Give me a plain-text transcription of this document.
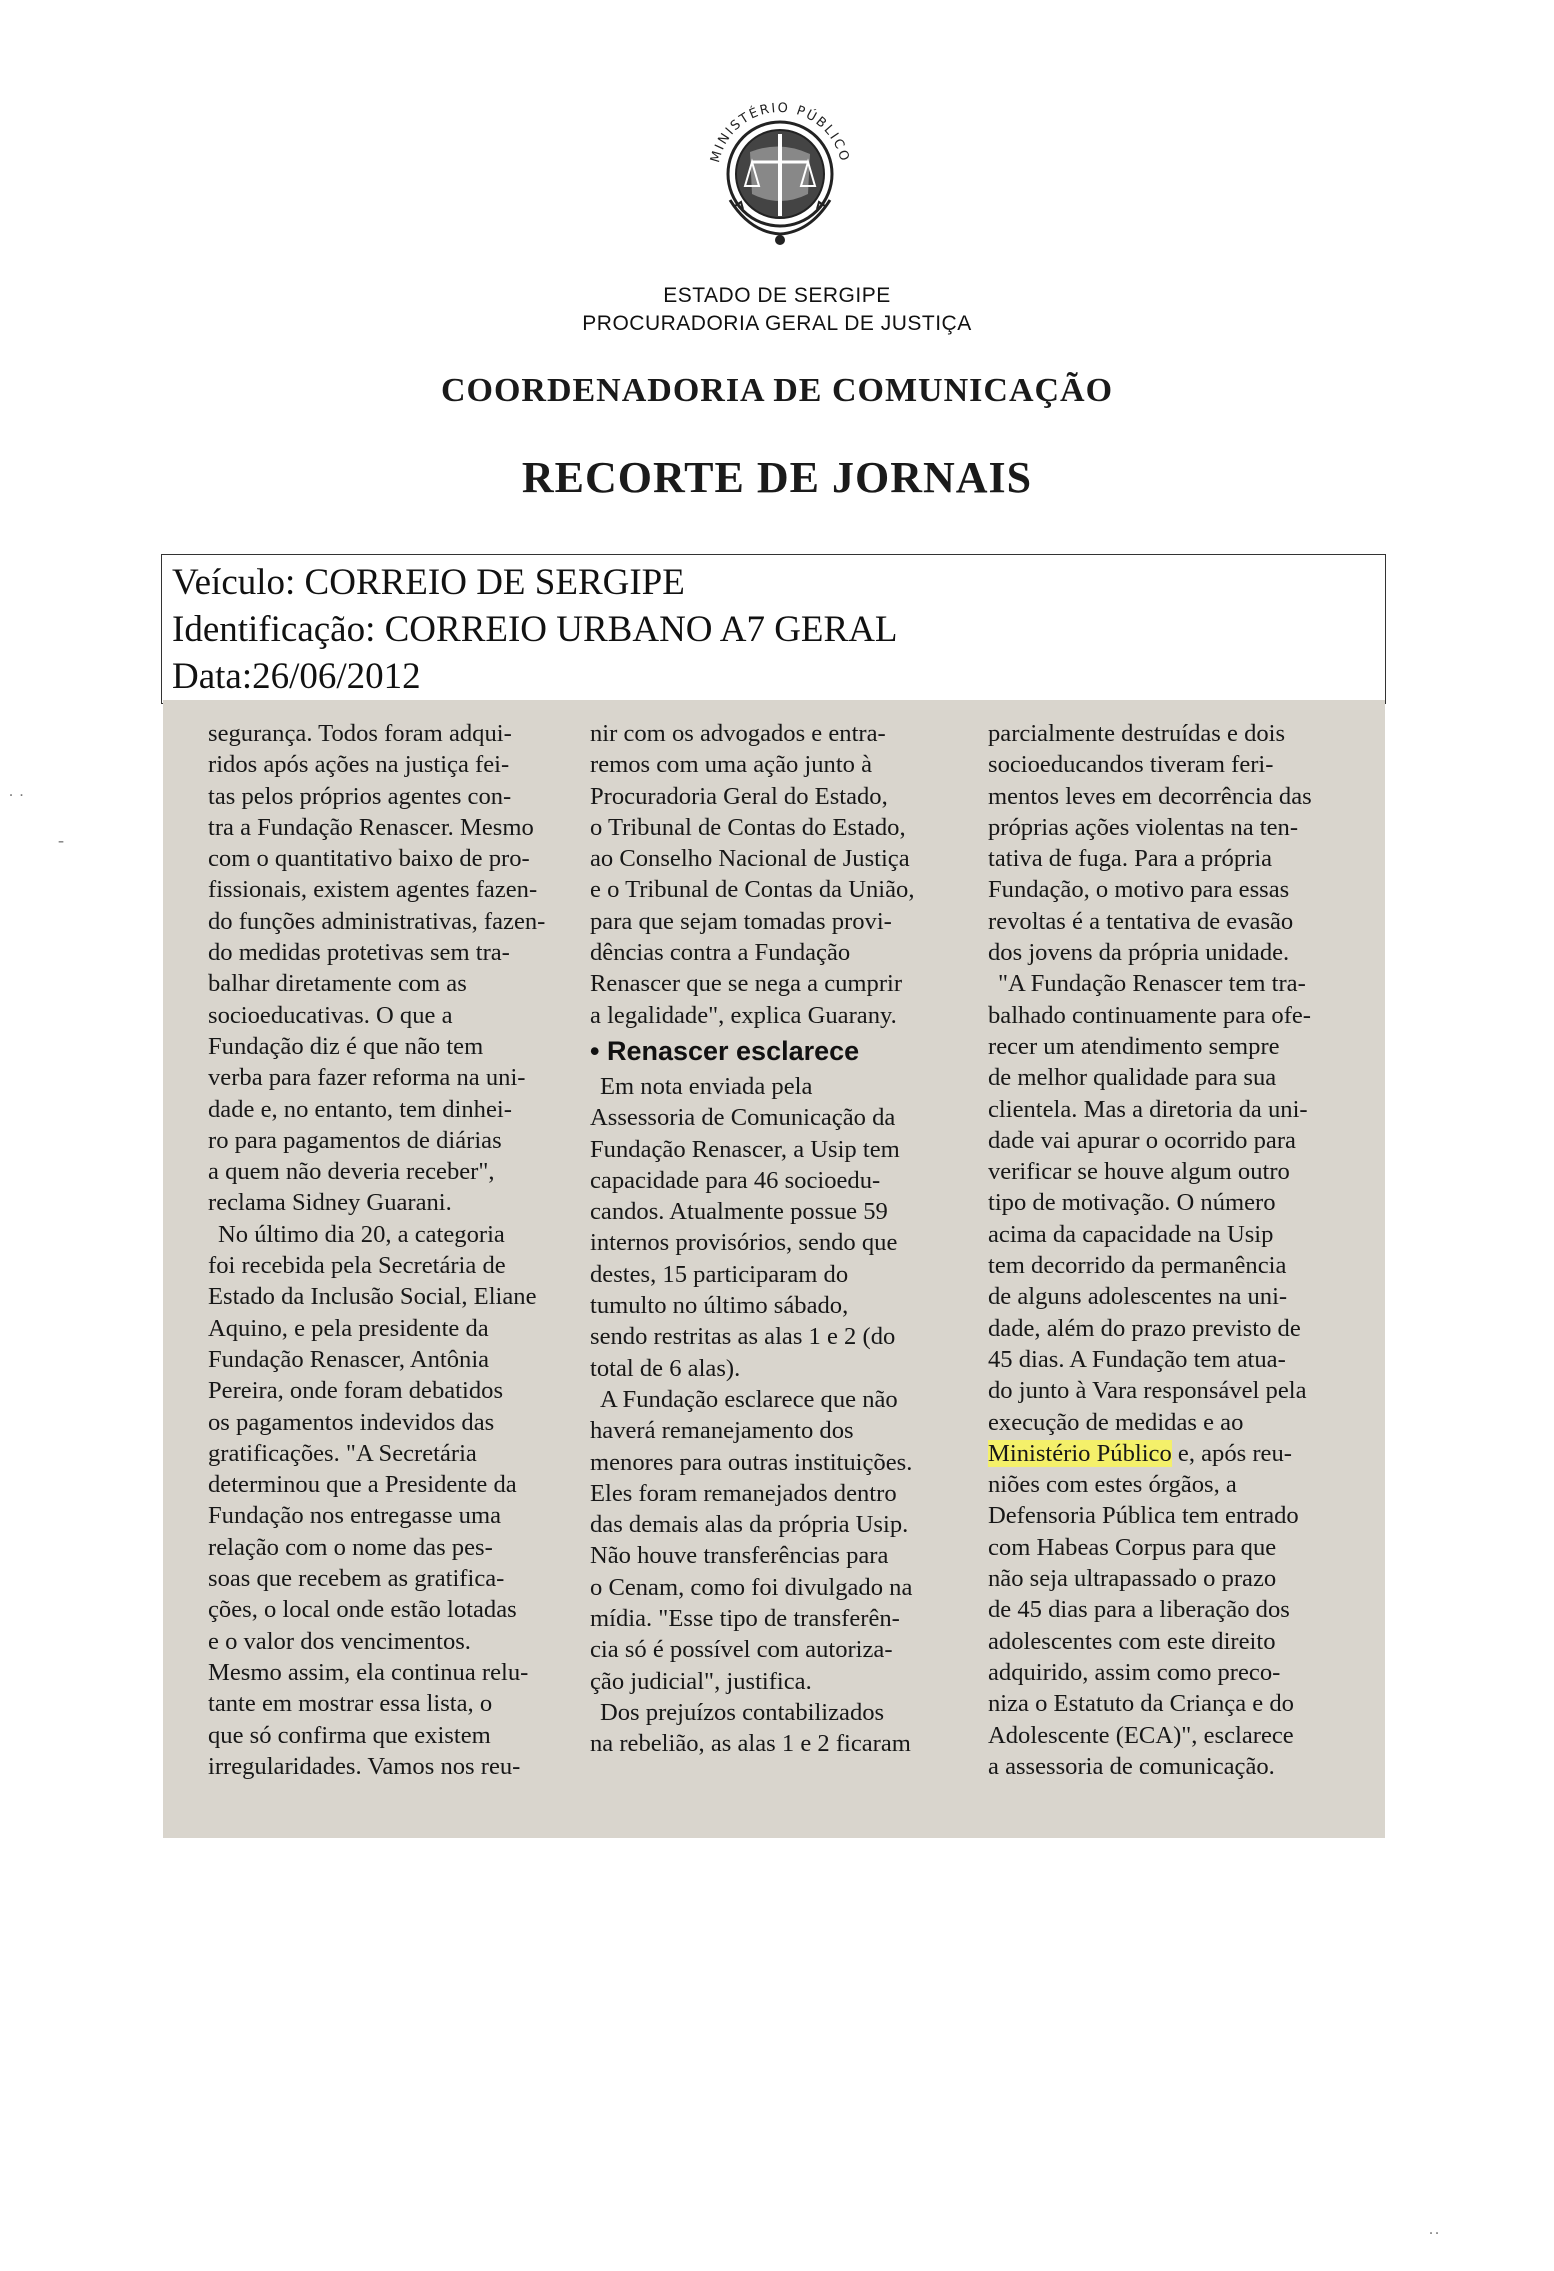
MINISTÉRIO PÚBLICO
ESTADO DE SERGIPE
PROCURADORIA GERAL DE JUSTIÇA
COORDENADORIA DE COMUNICAÇÃO
RECORTE DE JORNAIS
Veículo: CORREIO DE SERGIPE
Identificação: CORREIO URBANO A7 GERAL
Data:26/06/2012
˙ ˙
-
˙˙

segurança. Todos foram adqui-

ridos após ações na justiça fei-

tas pelos próprios agentes con-

tra a Fundação Renascer. Mesmo

com o quantitativo baixo de pro-

fissionais, existem agentes fazen-

do funções administrativas, fazen-

do medidas protetivas sem tra-

balhar diretamente com as

socioeducativas. O que a

Fundação diz é que não tem

verba para fazer reforma na uni-

dade e, no entanto, tem dinhei-

ro para pagamentos de diárias

a quem não deveria receber",

reclama Sidney Guarani.

No último dia 20, a categoria

foi recebida pela Secretária de

Estado da Inclusão Social, Eliane

Aquino, e pela presidente da

Fundação Renascer, Antônia

Pereira, onde foram debatidos

os pagamentos indevidos das

gratificações. "A Secretária

determinou que a Presidente da

Fundação nos entregasse uma

relação com o nome das pes-

soas que recebem as gratifica-

ções, o local onde estão lotadas

e o valor dos vencimentos.

Mesmo assim, ela continua relu-

tante em mostrar essa lista, o

que só confirma que existem

irregularidades. Vamos nos reu-

nir com os advogados e entra-

remos com uma ação junto à

Procuradoria Geral do Estado,

o Tribunal de Contas do Estado,

ao Conselho Nacional de Justiça

e o Tribunal de Contas da União,

para que sejam tomadas provi-

dências contra a Fundação

Renascer que se nega a cumprir

a legalidade", explica Guarany.

• Renascer esclarece

Em nota enviada pela

Assessoria de Comunicação da

Fundação Renascer, a Usip tem

capacidade para 46 socioedu-

candos. Atualmente possue 59

internos provisórios, sendo que

destes, 15 participaram do

tumulto no último sábado,

sendo restritas as alas 1 e 2 (do

total de 6 alas).

A Fundação esclarece que não

haverá remanejamento dos

menores para outras instituições.

Eles foram remanejados dentro

das demais alas da própria Usip.

Não houve transferências para

o Cenam, como foi divulgado na

mídia. "Esse tipo de transferên-

cia só é possível com autoriza-

ção judicial", justifica.

Dos prejuízos contabilizados

na rebelião, as alas 1 e 2 ficaram

parcialmente destruídas e dois

socioeducandos tiveram feri-

mentos leves em decorrência das

próprias ações violentas na ten-

tativa de fuga. Para a própria

Fundação, o motivo para essas

revoltas é a tentativa de evasão

dos jovens da própria unidade.

"A Fundação Renascer tem tra-

balhado continuamente para ofe-

recer um atendimento sempre

de melhor qualidade para sua

clientela. Mas a diretoria da uni-

dade vai apurar o ocorrido para

verificar se houve algum outro

tipo de motivação. O número

acima da capacidade na Usip

tem decorrido da permanência

de alguns adolescentes na uni-

dade, além do prazo previsto de

45 dias. A Fundação tem atua-

do junto à Vara responsável pela

execução de medidas e ao

Ministério Público e, após reu-

niões com estes órgãos, a

Defensoria Pública tem entrado

com Habeas Corpus para que

não seja ultrapassado o prazo

de 45 dias para a liberação dos

adolescentes com este direito

adquirido, assim como preco-

niza o Estatuto da Criança e do

Adolescente (ECA)", esclarece

a assessoria de comunicação.
